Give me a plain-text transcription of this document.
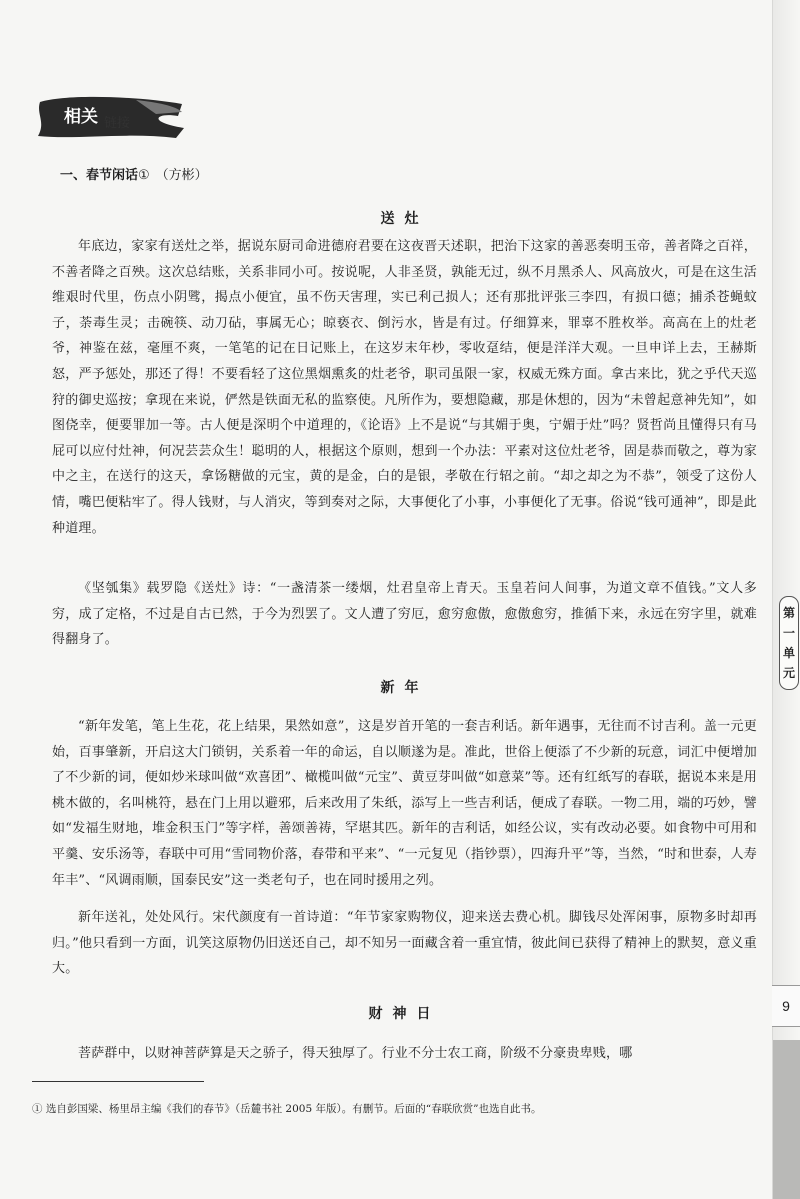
相关 链接
一、春节闲话① （方彬）
送灶

年底边，家家有送灶之举，据说东厨司命进德府君要在这夜晋天述职，把治下这家的善恶奏明玉帝，善者降之百祥，不善者降之百殃。这次总结账，关系非同小可。按说呢，人非圣贤，孰能无过，纵不月黑杀人、风高放火，可是在这生活维艰时代里，伤点小阴骘，揭点小便宜，虽不伤天害理，实已利己损人；还有那批评张三李四，有损口德；捕杀苍蝇蚊子，荼毒生灵；击碗筷、动刀砧，事属无心；晾亵衣、倒污水，皆是有过。仔细算来，罪辜不胜枚举。高高在上的灶老爷，神鉴在兹，毫厘不爽，一笔笔的记在日记账上，在这岁末年杪，零收趸结，便是洋洋大观。一旦申详上去，王赫斯怒，严予惩处，那还了得！不要看轻了这位黑烟熏炙的灶老爷，职司虽限一家，权威无殊方面。拿古来比，犹之乎代天巡狩的御史巡按；拿现在来说，俨然是铁面无私的监察使。凡所作为，要想隐藏，那是休想的，因为“未曾起意神先知”，如图侥幸，便要罪加一等。古人便是深明个中道理的，《论语》上不是说“与其媚于奥，宁媚于灶”吗？贤哲尚且懂得只有马屁可以应付灶神，何况芸芸众生！聪明的人，根据这个原则，想到一个办法：平素对这位灶老爷，固是恭而敬之，尊为家中之主，在送行的这天，拿饧糖做的元宝，黄的是金，白的是银，孝敬在行轺之前。“却之却之为不恭”，领受了这份人情，嘴巴便粘牢了。得人钱财，与人消灾，等到奏对之际，大事便化了小事，小事便化了无事。俗说“钱可通神”，即是此种道理。

《坚瓠集》载罗隐《送灶》诗：“一盏清茶一缕烟，灶君皇帝上青天。玉皇若问人间事，为道文章不值钱。”文人多穷，成了定格，不过是自古已然，于今为烈罢了。文人遭了穷厄，愈穷愈傲，愈傲愈穷，推循下来，永远在穷字里，就难得翻身了。

新年

“新年发笔，笔上生花，花上结果，果然如意”，这是岁首开笔的一套吉利话。新年遇事，无往而不讨吉利。盖一元更始，百事肇新，开启这大门锁钥，关系着一年的命运，自以顺遂为是。准此，世俗上便添了不少新的玩意，词汇中便增加了不少新的词，便如炒米球叫做“欢喜团”、橄榄叫做“元宝”、黄豆芽叫做“如意菜”等。还有红纸写的春联，据说本来是用桃木做的，名叫桃符，悬在门上用以避邪，后来改用了朱纸，添写上一些吉利话，便成了春联。一物二用，端的巧妙，譬如“发福生财地，堆金积玉门”等字样，善颂善祷，罕堪其匹。新年的吉利话，如经公议，实有改动必要。如食物中可用和平羹、安乐汤等，春联中可用“雪同物价落，春带和平来”、“一元复见（指钞票），四海升平”等，当然，“时和世泰，人寿年丰”、“风调雨顺，国泰民安”这一类老句子，也在同时援用之列。

新年送礼，处处风行。宋代颜度有一首诗道：“年节家家购物仪，迎来送去费心机。脚钱尽处浑闲事，原物多时却再归。”他只看到一方面，讥笑这原物仍旧送还自己，却不知另一面藏含着一重宜情，彼此间已获得了精神上的默契，意义重大。

财神日

菩萨群中，以财神菩萨算是天之骄子，得天独厚了。行业不分士农工商，阶级不分豪贵卑贱，哪

① 选自彭国梁、杨里昂主编《我们的春节》（岳麓书社 2005 年版）。有删节。后面的“春联欣赏”也选自此书。
第
一
单
元
9
